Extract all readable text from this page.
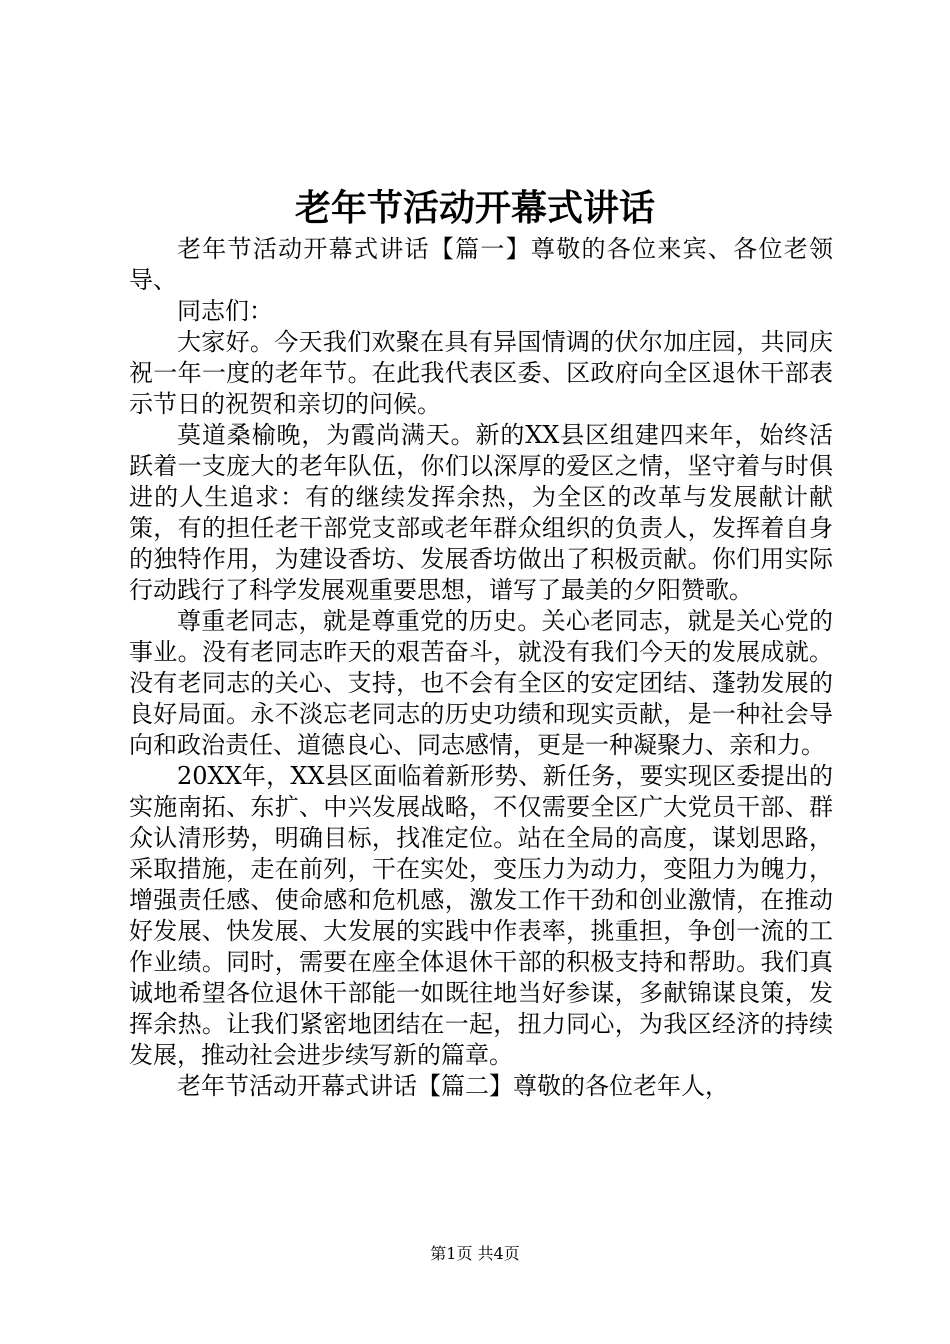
老年节活动开幕式讲话

老年节活动开幕式讲话【篇一】尊敬的各位来宾、各位老领导、

同志们：

大家好。今天我们欢聚在具有异国情调的伏尔加庄园，共同庆祝一年一度的老年节。在此我代表区委、区政府向全区退休干部表示节日的祝贺和亲切的问候。

莫道桑榆晚，为霞尚满天。新的XX县区组建四来年，始终活跃着一支庞大的老年队伍，你们以深厚的爱区之情，坚守着与时俱进的人生追求：有的继续发挥余热，为全区的改革与发展献计献策，有的担任老干部党支部或老年群众组织的负责人，发挥着自身的独特作用，为建设香坊、发展香坊做出了积极贡献。你们用实际行动践行了科学发展观重要思想，谱写了最美的夕阳赞歌。

尊重老同志，就是尊重党的历史。关心老同志，就是关心党的事业。没有老同志昨天的艰苦奋斗，就没有我们今天的发展成就。没有老同志的关心、支持，也不会有全区的安定团结、蓬勃发展的良好局面。永不淡忘老同志的历史功绩和现实贡献，是一种社会导向和政治责任、道德良心、同志感情，更是一种凝聚力、亲和力。

20XX年，XX县区面临着新形势、新任务，要实现区委提出的实施南拓、东扩、中兴发展战略，不仅需要全区广大党员干部、群众认清形势，明确目标，找准定位。站在全局的高度，谋划思路，采取措施，走在前列，干在实处，变压力为动力，变阻力为魄力，增强责任感、使命感和危机感，激发工作干劲和创业激情，在推动好发展、快发展、大发展的实践中作表率，挑重担，争创一流的工作业绩。同时，需要在座全体退休干部的积极支持和帮助。我们真诚地希望各位退休干部能一如既往地当好参谋，多献锦谋良策，发挥余热。让我们紧密地团结在一起，扭力同心，为我区经济的持续发展，推动社会进步续写新的篇章。

老年节活动开幕式讲话【篇二】尊敬的各位老年人，

第1页 共4页
